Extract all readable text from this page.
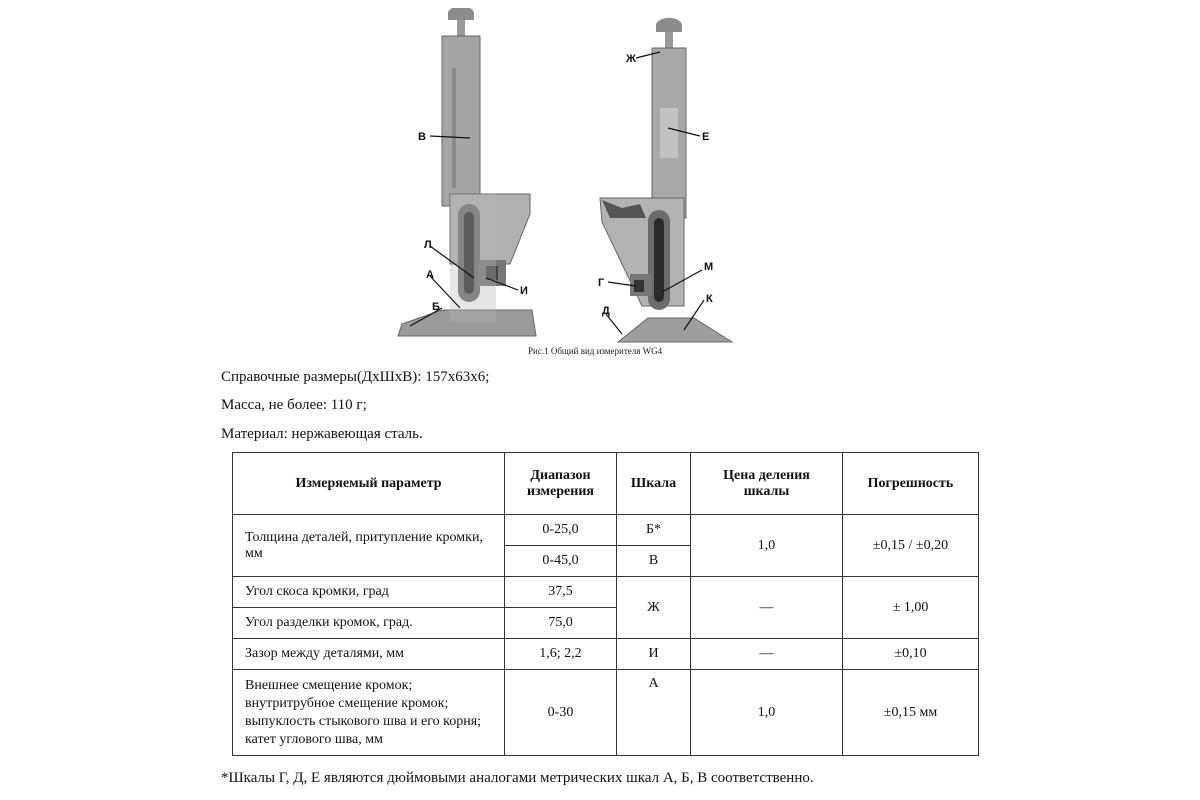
В
Л
А
Б
И
Ж
Е
М
Г
Д
К
Рис.1 Общий вид измерителя WG4
Справочные размеры(ДхШхВ): 157х63х6;
Масса, не более: 110 г;
Материал: нержавеющая сталь.
Измеряемый параметр	Диапазон измерения	Шкала	Цена деления шкалы	Погрешность
Толщина деталей, притупление кромки, мм	0-25,0	Б*	1,0	±0,15 / ±0,20
	0-45,0	В		
Угол скоса кромки, град	37,5	Ж	—	± 1,00
Угол разделки кромок, град.	75,0			
Зазор между деталями, мм	1,6; 2,2	И	—	±0,10
Внешнее смещение кромок; внутритрубное смещение кромок; выпуклость стыкового шва и его корня; катет углового шва, мм	0-30	А	1,0	±0,15 мм
*Шкалы Г, Д, Е являются дюймовыми аналогами метрических шкал А, Б, В соответственно.
